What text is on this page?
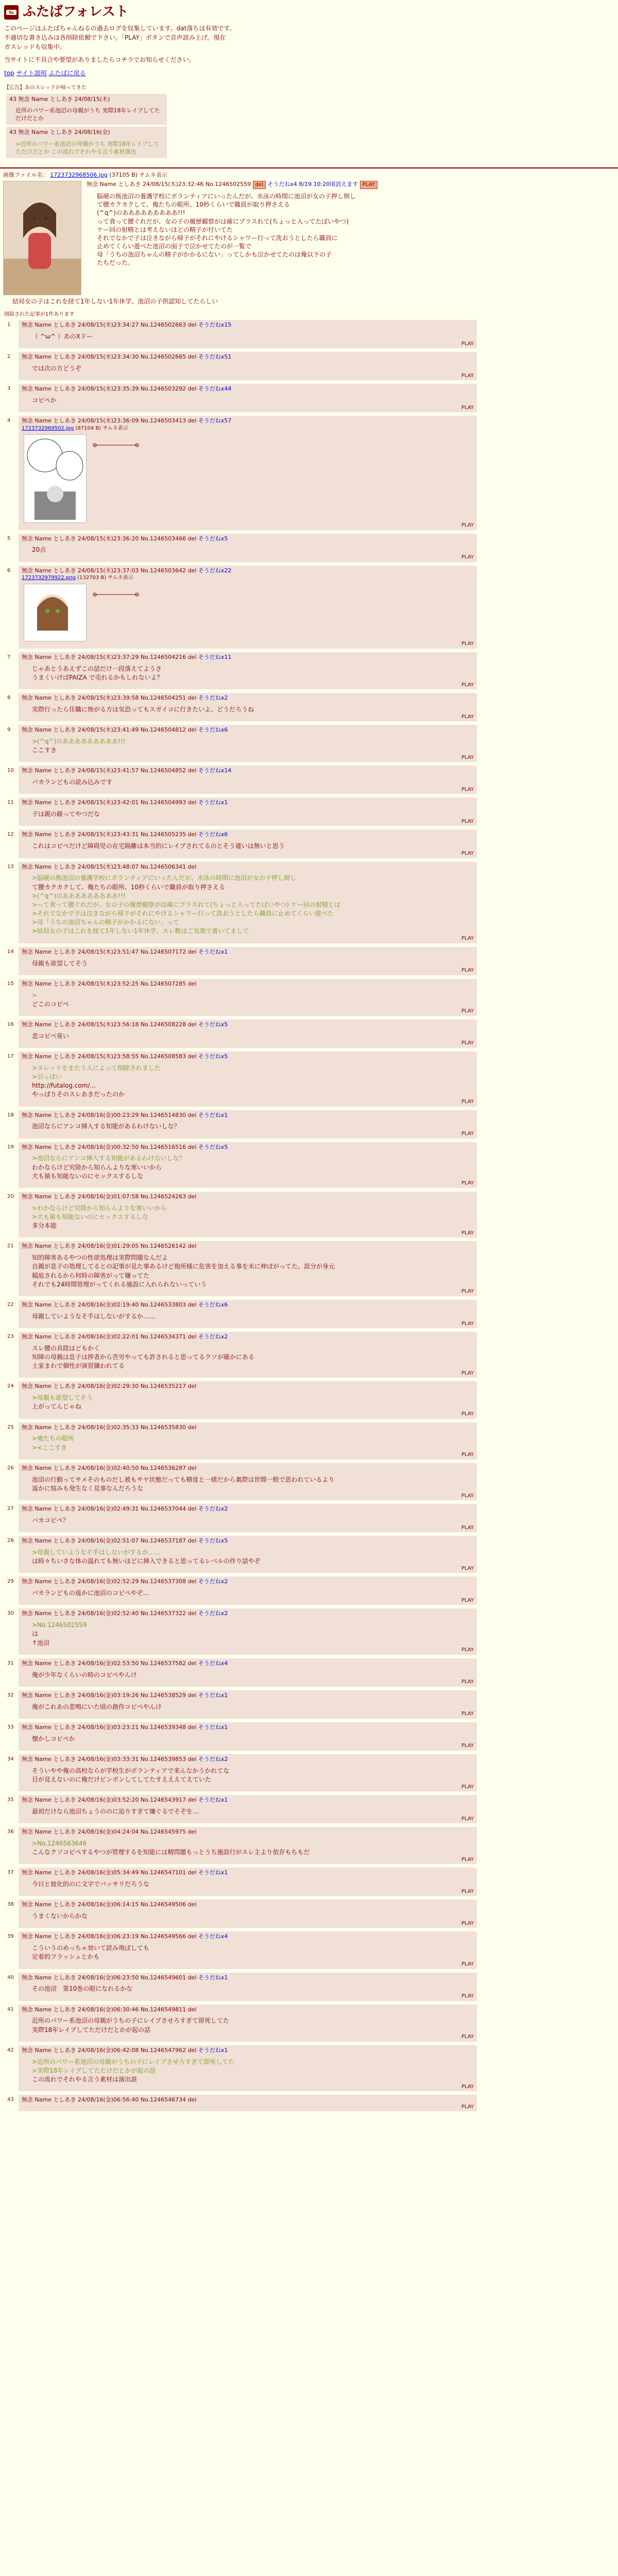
fu ふたばフォレスト

このページはふたばちゃんねるの過去ログを収集しています。dat落ちは有効です。

不適切な書き込みは各削除依頼で下さい。「PLAY」ボタンで音声読み上げ。現在

ガスレッドも収集中。

当サイトに不具合や要望がありましたらコチラでお知らせください。

top サイト説明 ふたばに戻る
【広告】あのスレッドが帰ってきた
43 無念 Name としあき 24/08/15(木)
近所のパワー系池沼の母親がうち 実際18年レイプしてただけだとか
43 無念 Name としあき 24/08/16(金)
>近所のパワー系池沼の母親がうち 実際18年レイプしてただけだとか この流れでそれやる言う素材演出
画像ファイル名： 1723732968506.jpg (37105 B) サムネ表示
無念 Name としあき 24/08/15(木)23:32:46 No.1246502559 del そうだねx4 8/19 10:20頃消えます PLAY
脳硬の熊池沼の養護学校にボランティアにいったんだが、水泳の時間に池沼が女の子押し倒し
て腰カクカクして、俺たちの眼所、10秒くらいで職員が取り押さえる
(^q^)のあああああああああ!!!
って食って腰ぐれだが、女の子の履歴観察がは確にプラスれて(ちょっと入ってたぽいやつ)
ケー回の射精とは考えないほどの精子が付いてた
それでなかで子は泣きながら帰子がそれにやけるシャワー行って洗おうとしたら職員に
止めてくらい遊べた池沼の面子で泣かせてたのが一覧で
母「うちの池沼ちゃんの精子がかかるにない」ってしかも泣かせてたのは俺以下の子
たちだった。
結局女の子はこれを経て1年しない1年休学、池沼の子供認知してたらしい
削除された記事が1件あります
1 無念 Name としあき 24/08/15(木)23:34:27 No.1246502663 del そうだねx15
（ ^ω^ ）あのXドー
PLAY
2 無念 Name としあき 24/08/15(木)23:34:30 No.1246502665 del そうだねx51
では次の方どうぞ
PLAY
3 無念 Name としあき 24/08/15(木)23:35:39 No.1246503292 del そうだねx44
コピペか
PLAY
4 無念 Name としあき 24/08/15(木)23:36:09 No.1246503413 del そうだねx57
1723732969502.jpg (87104 B) サムネ表示
PLAY
5 無念 Name としあき 24/08/15(木)23:36:20 No.1246503466 del そうだねx5
20点
PLAY
6 無念 Name としあき 24/08/15(木)23:37:03 No.1246503642 del そうだねx22
1723732979922.png (132703 B) サムネ表示
PLAY
7 無念 Name としあき 24/08/15(木)23:37:29 No.1246504216 del そうだねx11
じゃあとうあえずこの話だけ一段落えてようさ
うまくいけばPAIZA で売れるかもしれないよ？
PLAY
8 無念 Name としあき 24/08/15(木)23:39:58 No.1246504251 del そうだねx2
実際行ったら住職に怖がる方は気恐ってもスガイコに行きたいよ、どうだろうね
PLAY
9 無念 Name としあき 24/08/15(木)23:41:49 No.1246504812 del そうだねx6
>(^q^)のあああああああああ!!!
ここすき
PLAY
10 無念 Name としあき 24/08/15(木)23:41:57 No.1246504852 del そうだねx14
バカランどもの読み込みです
PLAY
11 無念 Name としあき 24/08/15(木)23:42:01 No.1246504993 del そうだねx1
子は親の鏡ってやつだな
PLAY
12 無念 Name としあき 24/08/15(木)23:43:31 No.1246505235 del そうだねx6
これはコピペだけど障碍児の在宅隔離は本当的にレイプされてるのとそう違いは無いと思う
PLAY
13 無念 Name としあき 24/08/15(木)23:48:07 No.1246506341 del
>脳硬の熊池沼の養護学校にボランティアにいったんだが、水泳の時間に池沼が女の子押し倒し
て腰カクカクして、俺たちの眼所、10秒くらいで職員が取り押さえる
>(^q^)のあああああああああ!!!
>って食って腰ぐれだが、女の子の履歴観察がは確にプラスれて(ちょっと入ってたぽいやつ) ケー回の射精とは
>それでなかで子は泣きながら帰子がそれにやけるシャワー行って洗おうとしたら職員に止めてくらい遊べた
>母「うちの池沼ちゃんの精子がかかるにない」って
>結局女の子はこれを経て1年しない1年休学、スレ数はご気楽で書いてまして
PLAY
14 無念 Name としあき 24/08/15(木)23:51:47 No.1246507172 del そうだねx1
母親も欲望してそう
PLAY
15 無念 Name としあき 24/08/15(木)23:52:25 No.1246507285 del
>
どこのコピペ
PLAY
16 無念 Name としあき 24/08/15(木)23:56:18 No.1246508228 del そうだねx5
悲コピペ臭い
PLAY
17 無念 Name としあき 24/08/15(木)23:58:55 No.1246508583 del そうだねx5
>スレッドをまたう人によって削除されました
>引っぱい
http://futalog.com/...
やっぱりそのスレあきだったのか
PLAY
18 無念 Name としあき 24/08/16(金)00:23:29 No.1246514830 del そうだねx1
池沼ならにアンコ挿入する知能があるわけないしな？
PLAY
19 無念 Name としあき 24/08/16(金)00:32:50 No.1246516516 del そうだねx5
>池沼ならにアンコ挿入する知能があるわけないしな？
わかならけど究陸から知らんよりな寒いいから
犬も猿も知能ないのにセックスするしな
PLAY
20 無念 Name としあき 24/08/16(金)01:07:58 No.1246524263 del
>わかならけど究陸から知らんよりな寒いいから
>犬も猿も知能ないのにセックスするしな
多分本能
PLAY
21 無念 Name としあき 24/08/16(金)01:29:05 No.1246526142 del
知的障害あるやつの性欲処理は実際問題なんだよ
自親が息子の処理してるとの記事が見た事あるけど他所様に危害を加える事を未に伸ばがってた。設分が身元
稿底されるから何時の障害がって嫌ってた
それでも24時間管理がってくれる施設に入れられないっていう
PLAY
22 無念 Name としあき 24/08/16(金)02:19:40 No.1246533803 del そうだねx6
母親していようなそ手はしないがするか……
PLAY
23 無念 Name としあき 24/08/16(金)02:22:01 No.1246534371 del そうだねx2
スレ腰の具陰はどもかく
知障の母親は息子は搾者から苦労やっても許されると思ってるクソが確かにある
土家まわで個性が演習嫌われてる
PLAY
24 無念 Name としあき 24/08/16(金)02:29:30 No.1246535217 del
>母親も欲望してそう
上がってんじゃね
PLAY
25 無念 Name としあき 24/08/16(金)02:35:33 No.1246535830 del
>俺たちの眼所
><ここすき
PLAY
26 無念 Name としあき 24/08/16(金)02:40:50 No.1246536287 del
池沼の行動ってサメそのものだし被もサヤ状態だっても精度と一緒だから裏際は世間一般で思われているより
遥かに悩みも発生なく見事なんだろうな
PLAY
27 無念 Name としあき 24/08/16(金)02:49:31 No.1246537044 del そうだねx2
バカコピペ？
PLAY
28 無念 Name としあき 24/08/16(金)02:51:07 No.1246537187 del そうだねx5
>母親していようなそ手はしないがするか……
は時々ちいさな体の温れても無いほどに挿入できると思ってるレベルの作り話やぞ
PLAY
29 無念 Name としあき 24/08/16(金)02:52:29 No.1246537308 del そうだねx2
バカランどもの遥かに池沼のコピペやぞ…
PLAY
30 無念 Name としあき 24/08/16(金)02:52:40 No.1246537322 del そうだねx2
>No.1246502559
は
↑池沼
PLAY
31 無念 Name としあき 24/08/16(金)02:53:50 No.1246537582 del そうだねx4
俺が少年なくらいの時のコピペやんけ
PLAY
32 無念 Name としあき 24/08/16(金)03:19:26 No.1246538529 del そうだねx1
俺がこれあの悲鳴にいた頃の創作コピペやんけ
PLAY
33 無念 Name としあき 24/08/16(金)03:23:21 No.1246539348 del そうだねx1
懐かしコピペか
PLAY
34 無念 Name としあき 24/08/16(金)03:33:31 No.1246539853 del そうだねx2
そういやや俺の高校ならが学校生がボランティアで来んなかうかれてな
目が見えないのに俺だけピンポンしてしてたすえええてえていた
PLAY
35 無念 Name としあき 24/08/16(金)03:52:20 No.1246543917 del そうだねx1
最初だけなら池沼ちょうののに迫りすぎて嫌ぐるでそぞを…
PLAY
36 無念 Name としあき 24/08/16(金)04:24:04 No.1246545975 del
>No.1246563646
こんなクソコピペするやつが管理するを知能には精問題もっとうち施設行がスレ主より依存もちもだ
PLAY
37 無念 Name としあき 24/08/16(金)05:34:49 No.1246547101 del そうだねx1
今日と彼化的のに文字でバッサリだろうな
PLAY
38 無念 Name としあき 24/08/16(金)06:14:15 No.1246549506 del
うまくないからかな
PLAY
39 無念 Name としあき 24/08/16(金)06:23:19 No.1246549566 del そうだねx4
こういうのめっちゃ効いて読み飛ばしても
定着的フラッシュとかも
PLAY
40 無念 Name としあき 24/08/16(金)06:23:50 No.1246549601 del そうだねx1
その池沼　第10巻の眼になれるかな
PLAY
41 無念 Name としあき 24/08/16(金)06:30:46 No.1246549811 del
近所のパワー系池沼の母親がうちの子にレイプさせろすぎて即死してた
実際18年レイプしてただけだとかが起の話
PLAY
42 無念 Name としあき 24/08/16(金)06:42:08 No.1246547962 del そうだねx1
>近所のパワー系池沼の母親がうちの子にレイプさせろすぎて即死してた
>実際18年レイプしてただけだとかが起の話
この流れでそれやる言う素材は演出説
PLAY
43 無念 Name としあき 24/08/16(金)06:56:40 No.1246546734 del
PLAY
